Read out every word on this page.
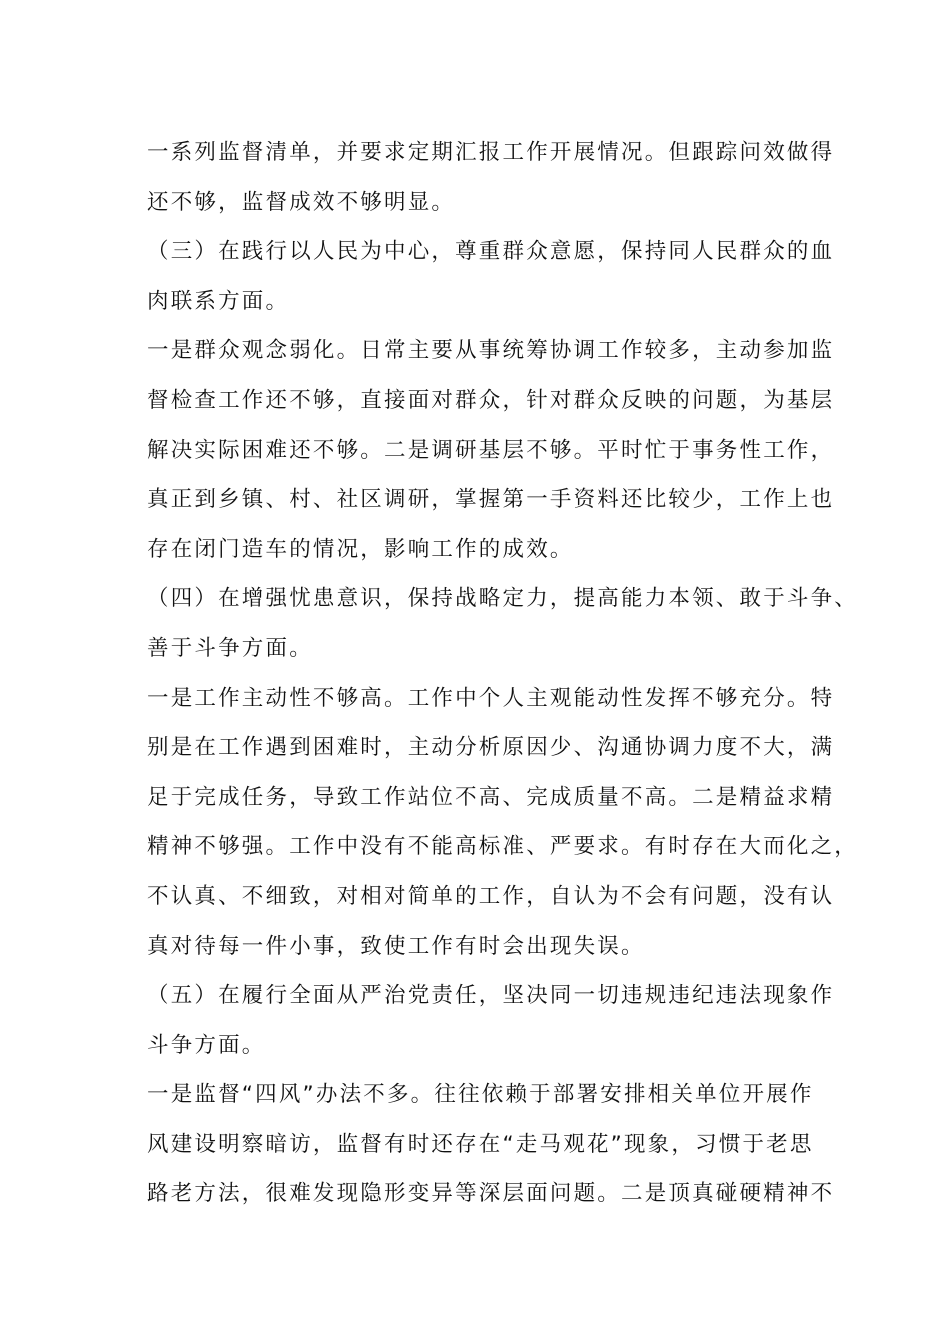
一系列监督清单，并要求定期汇报工作开展情况。但跟踪问效做得
还不够，监督成效不够明显。
（三）在践行以人民为中心，尊重群众意愿，保持同人民群众的血
肉联系方面。
一是群众观念弱化。日常主要从事统筹协调工作较多，主动参加监
督检查工作还不够，直接面对群众，针对群众反映的问题，为基层
解决实际困难还不够。二是调研基层不够。平时忙于事务性工作，
真正到乡镇、村、社区调研，掌握第一手资料还比较少，工作上也
存在闭门造车的情况，影响工作的成效。
（四）在增强忧患意识，保持战略定力，提高能力本领、敢于斗争、
善于斗争方面。
一是工作主动性不够高。工作中个人主观能动性发挥不够充分。特
别是在工作遇到困难时，主动分析原因少、沟通协调力度不大，满
足于完成任务，导致工作站位不高、完成质量不高。二是精益求精
精神不够强。工作中没有不能高标准、严要求。有时存在大而化之，
不认真、不细致，对相对简单的工作，自认为不会有问题，没有认
真对待每一件小事，致使工作有时会出现失误。
（五）在履行全面从严治党责任，坚决同一切违规违纪违法现象作
斗争方面。
一是监督“四风”办法不多。往往依赖于部署安排相关单位开展作
风建设明察暗访，监督有时还存在“走马观花”现象，习惯于老思
路老方法，很难发现隐形变异等深层面问题。二是顶真碰硬精神不
